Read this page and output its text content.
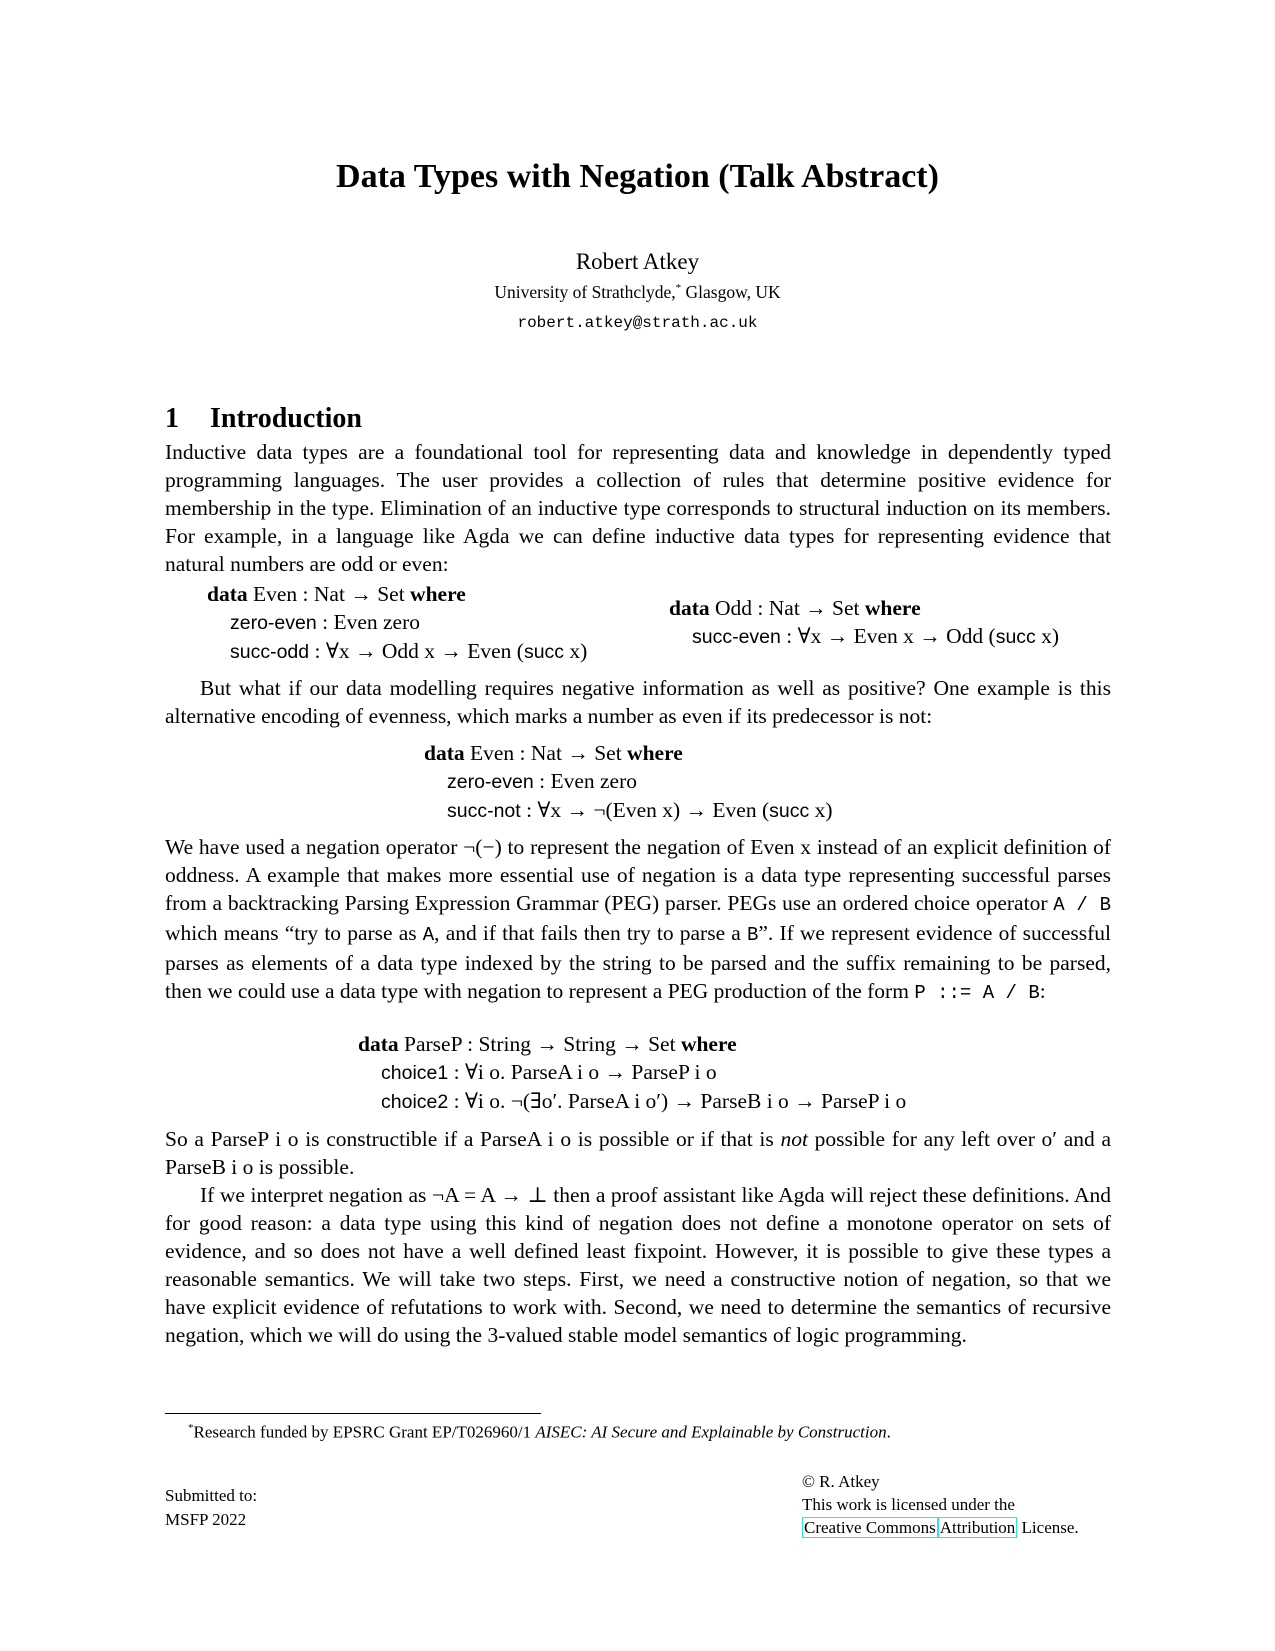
Data Types with Negation (Talk Abstract)
Robert Atkey
University of Strathclyde,* Glasgow, UK
robert.atkey@strath.ac.uk
1 Introduction
Inductive data types are a foundational tool for representing data and knowledge in dependently typed programming languages. The user provides a collection of rules that determine positive evidence for membership in the type. Elimination of an inductive type corresponds to structural induction on its members. For example, in a language like Agda we can define inductive data types for representing evidence that natural numbers are odd or even:
data Even : Nat → Set where
zero-even : Even zero
succ-odd : ∀x → Odd x → Even (succ x)
data Odd : Nat → Set where
succ-even : ∀x → Even x → Odd (succ x)
But what if our data modelling requires negative information as well as positive? One example is this alternative encoding of evenness, which marks a number as even if its predecessor is not:
data Even : Nat → Set where
zero-even : Even zero
succ-not : ∀x → ¬(Even x) → Even (succ x)
We have used a negation operator ¬(−) to represent the negation of Even x instead of an explicit definition of oddness. A example that makes more essential use of negation is a data type representing successful parses from a backtracking Parsing Expression Grammar (PEG) parser. PEGs use an ordered choice operator A / B which means “try to parse as A, and if that fails then try to parse a B”. If we represent evidence of successful parses as elements of a data type indexed by the string to be parsed and the suffix remaining to be parsed, then we could use a data type with negation to represent a PEG production of the form P ::= A / B:
data ParseP : String → String → Set where
choice1 : ∀i o. ParseA i o → ParseP i o
choice2 : ∀i o. ¬(∃o′. ParseA i o′) → ParseB i o → ParseP i o
So a ParseP i o is constructible if a ParseA i o is possible or if that is not possible for any left over o′ and a ParseB i o is possible.
If we interpret negation as ¬A = A → ⊥ then a proof assistant like Agda will reject these definitions. And for good reason: a data type using this kind of negation does not define a monotone operator on sets of evidence, and so does not have a well defined least fixpoint. However, it is possible to give these types a reasonable semantics. We will take two steps. First, we need a constructive notion of negation, so that we have explicit evidence of refutations to work with. Second, we need to determine the semantics of recursive negation, which we will do using the 3-valued stable model semantics of logic programming.
*Research funded by EPSRC Grant EP/T026960/1 AISEC: AI Secure and Explainable by Construction.
Submitted to:
MSFP 2022
© R. Atkey
This work is licensed under the
Creative Commons Attribution License.
